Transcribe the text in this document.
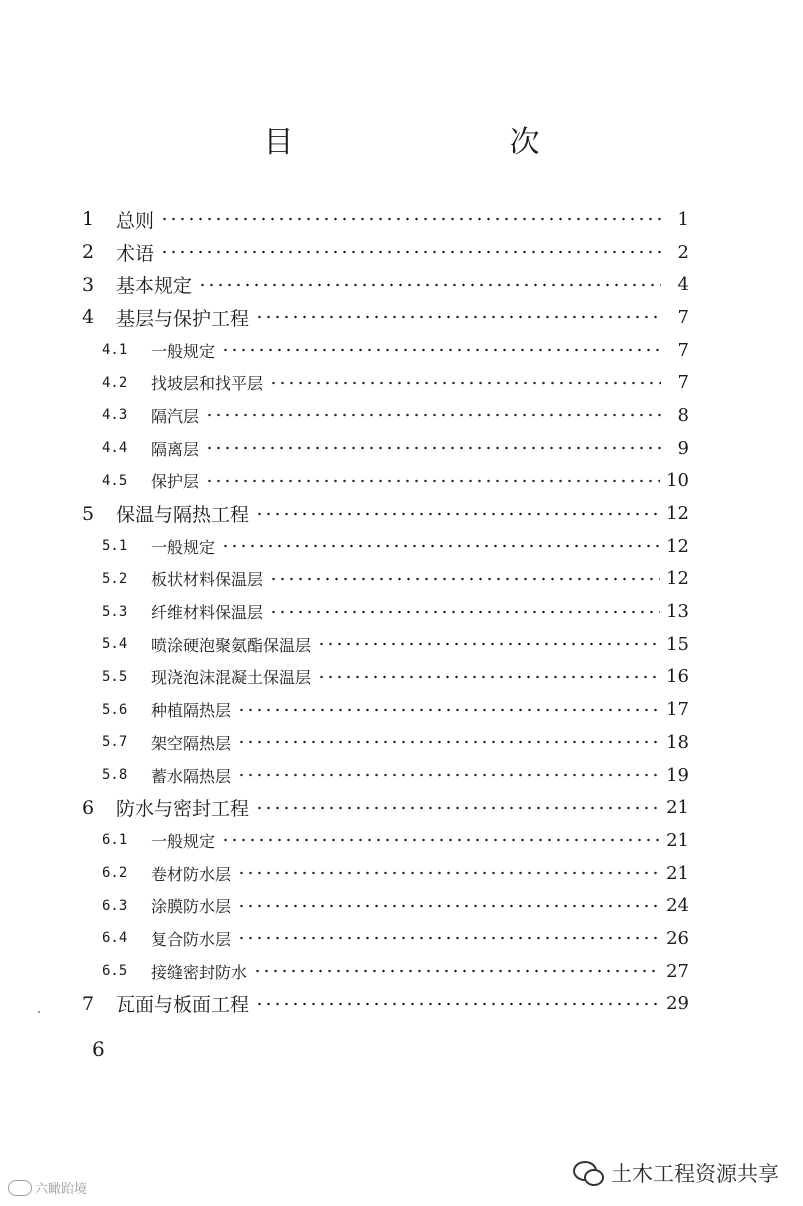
目　　次
1	总则	1
2	术语	2
3	基本规定	4
4	基层与保护工程	7
4.1	一般规定	7
4.2	找坡层和找平层	7
4.3	隔汽层	8
4.4	隔离层	9
4.5	保护层	10
5	保温与隔热工程	12
5.1	一般规定	12
5.2	板状材料保温层	12
5.3	纤维材料保温层	13
5.4	喷涂硬泡聚氨酯保温层	15
5.5	现浇泡沫混凝土保温层	16
5.6	种植隔热层	17
5.7	架空隔热层	18
5.8	蓄水隔热层	19
6	防水与密封工程	21
6.1	一般规定	21
6.2	卷材防水层	21
6.3	涂膜防水层	24
6.4	复合防水层	26
6.5	接缝密封防水	27
7	瓦面与板面工程	29
6
六瞰跆境
土木工程资源共享
